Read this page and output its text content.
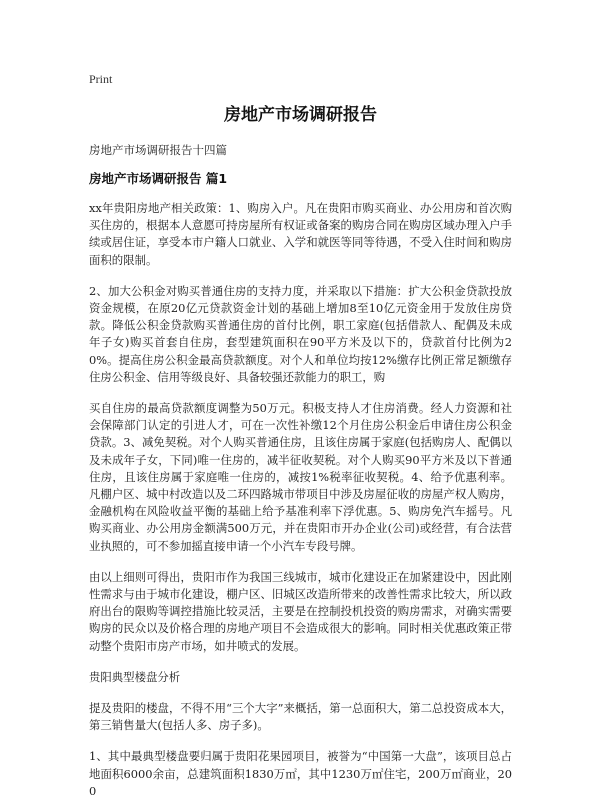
Print
房地产市场调研报告
房地产市场调研报告十四篇
房地产市场调研报告 篇1

xx年贵阳房地产相关政策：1、购房入户。凡在贵阳市购买商业、办公用房和首次购买住房的，根据本人意愿可持房屋所有权证或备案的购房合同在购房区域办理入户手续或居住证，享受本市户籍人口就业、入学和就医等同等待遇，不受入住时间和购房面积的限制。

2、加大公积金对购买普通住房的支持力度，并采取以下措施：扩大公积金贷款投放资金规模，在原20亿元贷款资金计划的基础上增加8至10亿元资金用于发放住房贷款。降低公积金贷款购买普通住房的首付比例，职工家庭(包括借款人、配偶及未成年子女)购买首套自住房，套型建筑面积在90平方米及以下的，贷款首付比例为20%。提高住房公积金最高贷款额度。对个人和单位均按12%缴存比例正常足额缴存住房公积金、信用等级良好、具备较强还款能力的职工，购

买自住房的最高贷款额度调整为50万元。积极支持人才住房消费。经人力资源和社会保障部门认定的引进人才，可在一次性补缴12个月住房公积金后申请住房公积金贷款。3、减免契税。对个人购买普通住房，且该住房属于家庭(包括购房人、配偶以及未成年子女，下同)唯一住房的，减半征收契税。对个人购买90平方米及以下普通住房，且该住房属于家庭唯一住房的，减按1%税率征收契税。4、给予优惠利率。凡棚户区、城中村改造以及二环四路城市带项目中涉及房屋征收的房屋产权人购房，金融机构在风险收益平衡的基础上给予基准利率下浮优惠。5、购房免汽车摇号。凡购买商业、办公用房金额满500万元，并在贵阳市开办企业(公司)或经营，有合法营业执照的，可不参加摇直接申请一个小汽车专段号牌。

由以上细则可得出，贵阳市作为我国三线城市，城市化建设正在加紧建设中，因此刚性需求与由于城市化建设，棚户区、旧城区改造所带来的改善性需求比较大，所以政府出台的限购等调控措施比较灵活，主要是在控制投机投资的购房需求，对确实需要购房的民众以及价格合理的房地产项目不会造成很大的影响。同时相关优惠政策正带动整个贵阳市房产市场，如井喷式的发展。

贵阳典型楼盘分析

提及贵阳的楼盘，不得不用“三个大字”来概括，第一总面积大，第二总投资成本大，第三销售量大(包括人多、房子多)。

1、其中最典型楼盘要归属于贵阳花果园项目，被誉为“中国第一大盘”，该项目总占地面积6000余亩，总建筑面积1830万㎡，其中1230万㎡住宅，200万㎡商业，200
